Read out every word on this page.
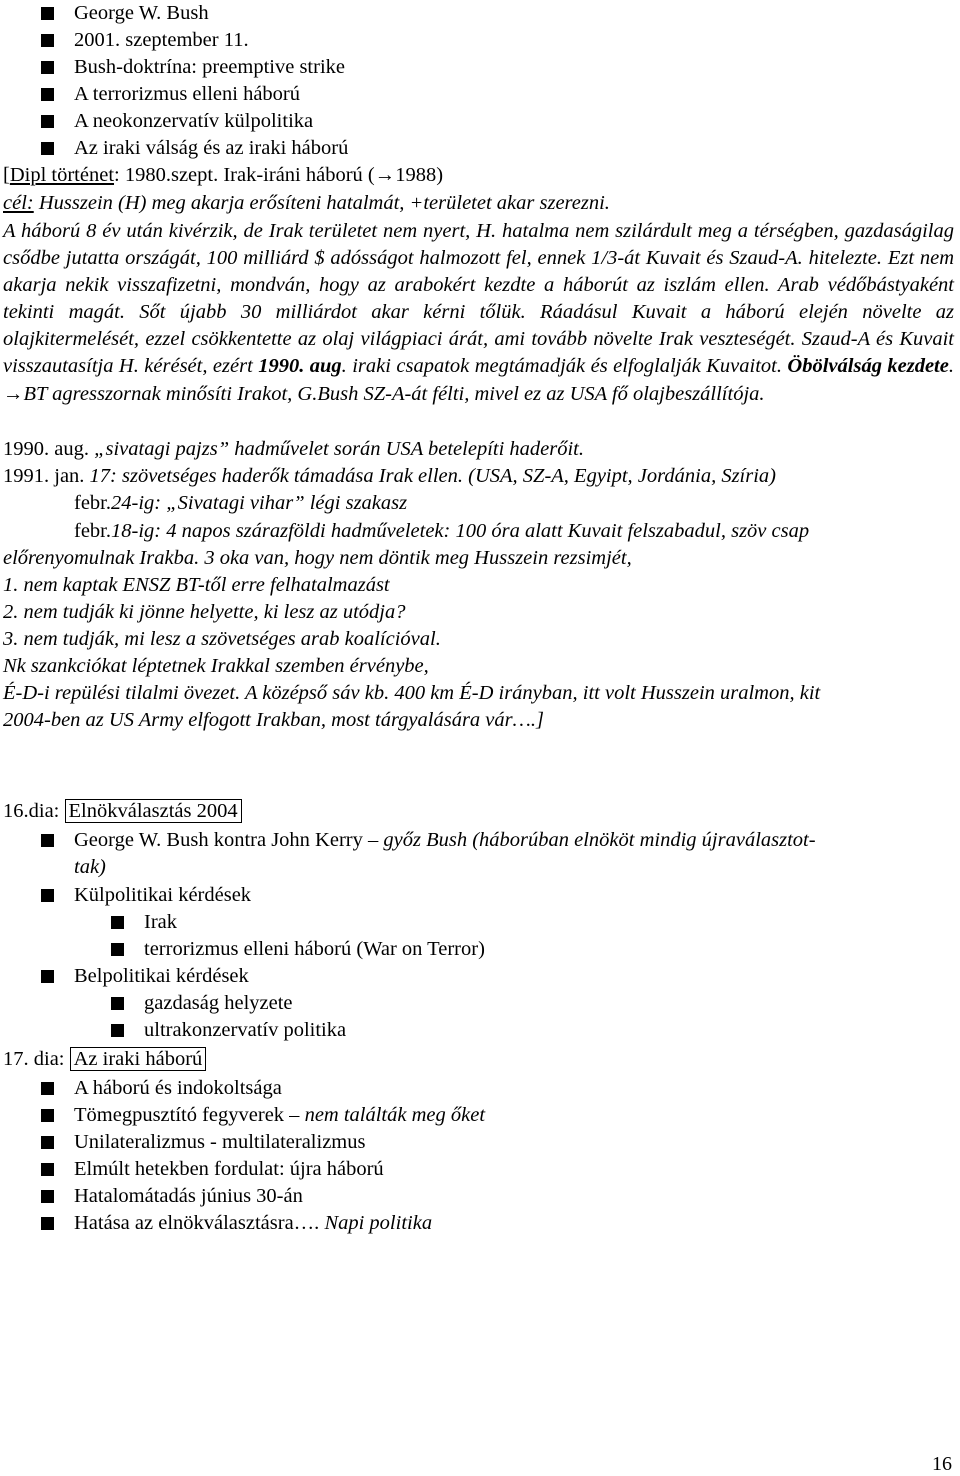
George W. Bush
2001. szeptember 11.
Bush-doktrína: preemptive strike
A terrorizmus elleni háború
A neokonzervatív külpolitika
Az iraki válság és az iraki háború
[Dipl történet: 1980.szept. Irak-iráni háború (→1988)
cél: Husszein (H) meg akarja erősíteni hatalmát, +területet akar szerezni.
A háború 8 év után kivérzik, de Irak területet nem nyert, H. hatalma nem szilárdult meg a térségben, gazdaságilag csődbe jutatta országát, 100 milliárd $ adósságot halmozott fel, ennek 1/3-át Kuvait és Szaud-A. hitelezte. Ezt nem akarja nekik visszafizetni, mondván, hogy az arabokért kezdte a háborút az iszlám ellen. Arab védőbástyaként tekinti magát. Sőt újabb 30 milliárdot akar kérni tőlük. Ráadásul Kuvait a háború elején növelte az olajkitermelését, ezzel csökkentette az olaj világpiaci árát, ami tovább növelte Irak veszteségét. Szaud-A és Kuvait visszautasítja H. kérését, ezért 1990. aug. iraki csapatok megtámadják és elfoglalják Kuvaitot. Öbölválság kezdete. →BT agresszornak minősíti Irakot, G.Bush SZ-A-át félti, mivel ez az USA fő olajbeszállítója.
1990. aug. „sivatagi pajzs” hadművelet során USA betelepíti haderőit.
1991. jan. 17: szövetséges haderők támadása Irak ellen. (USA, SZ-A, Egyipt, Jordánia, Szíria)
febr.24-ig: „Sivatagi vihar” légi szakasz
febr.18-ig: 4 napos szárazföldi hadműveletek: 100 óra alatt Kuvait felszabadul, szöv csap
előrenyomulnak Irakba. 3 oka van, hogy nem döntik meg Husszein rezsimjét,
1. nem kaptak ENSZ BT-től erre felhatalmazást
2. nem tudják ki jönne helyette, ki lesz az utódja?
3. nem tudják, mi lesz a szövetséges arab koalícióval.
Nk szankciókat léptetnek Irakkal szemben érvénybe,
É-D-i repülési tilalmi övezet. A középső sáv kb. 400 km É-D irányban, itt volt Husszein uralmon, kit
2004-ben az US Army elfogott Irakban, most tárgyalására vár….]
16.dia: Elnökválasztás 2004
George W. Bush kontra John Kerry – győz Bush (háborúban elnököt mindig újraválasztot-
tak)
Külpolitikai kérdések
Irak
terrorizmus elleni háború (War on Terror)
Belpolitikai kérdések
gazdaság helyzete
ultrakonzervatív politika
17. dia: Az iraki háború
A háború és indokoltsága
Tömegpusztító fegyverek – nem találták meg őket
Unilateralizmus - multilateralizmus
Elmúlt hetekben fordulat: újra háború
Hatalomátadás június 30-án
Hatása az elnökválasztásra…. Napi politika
16
